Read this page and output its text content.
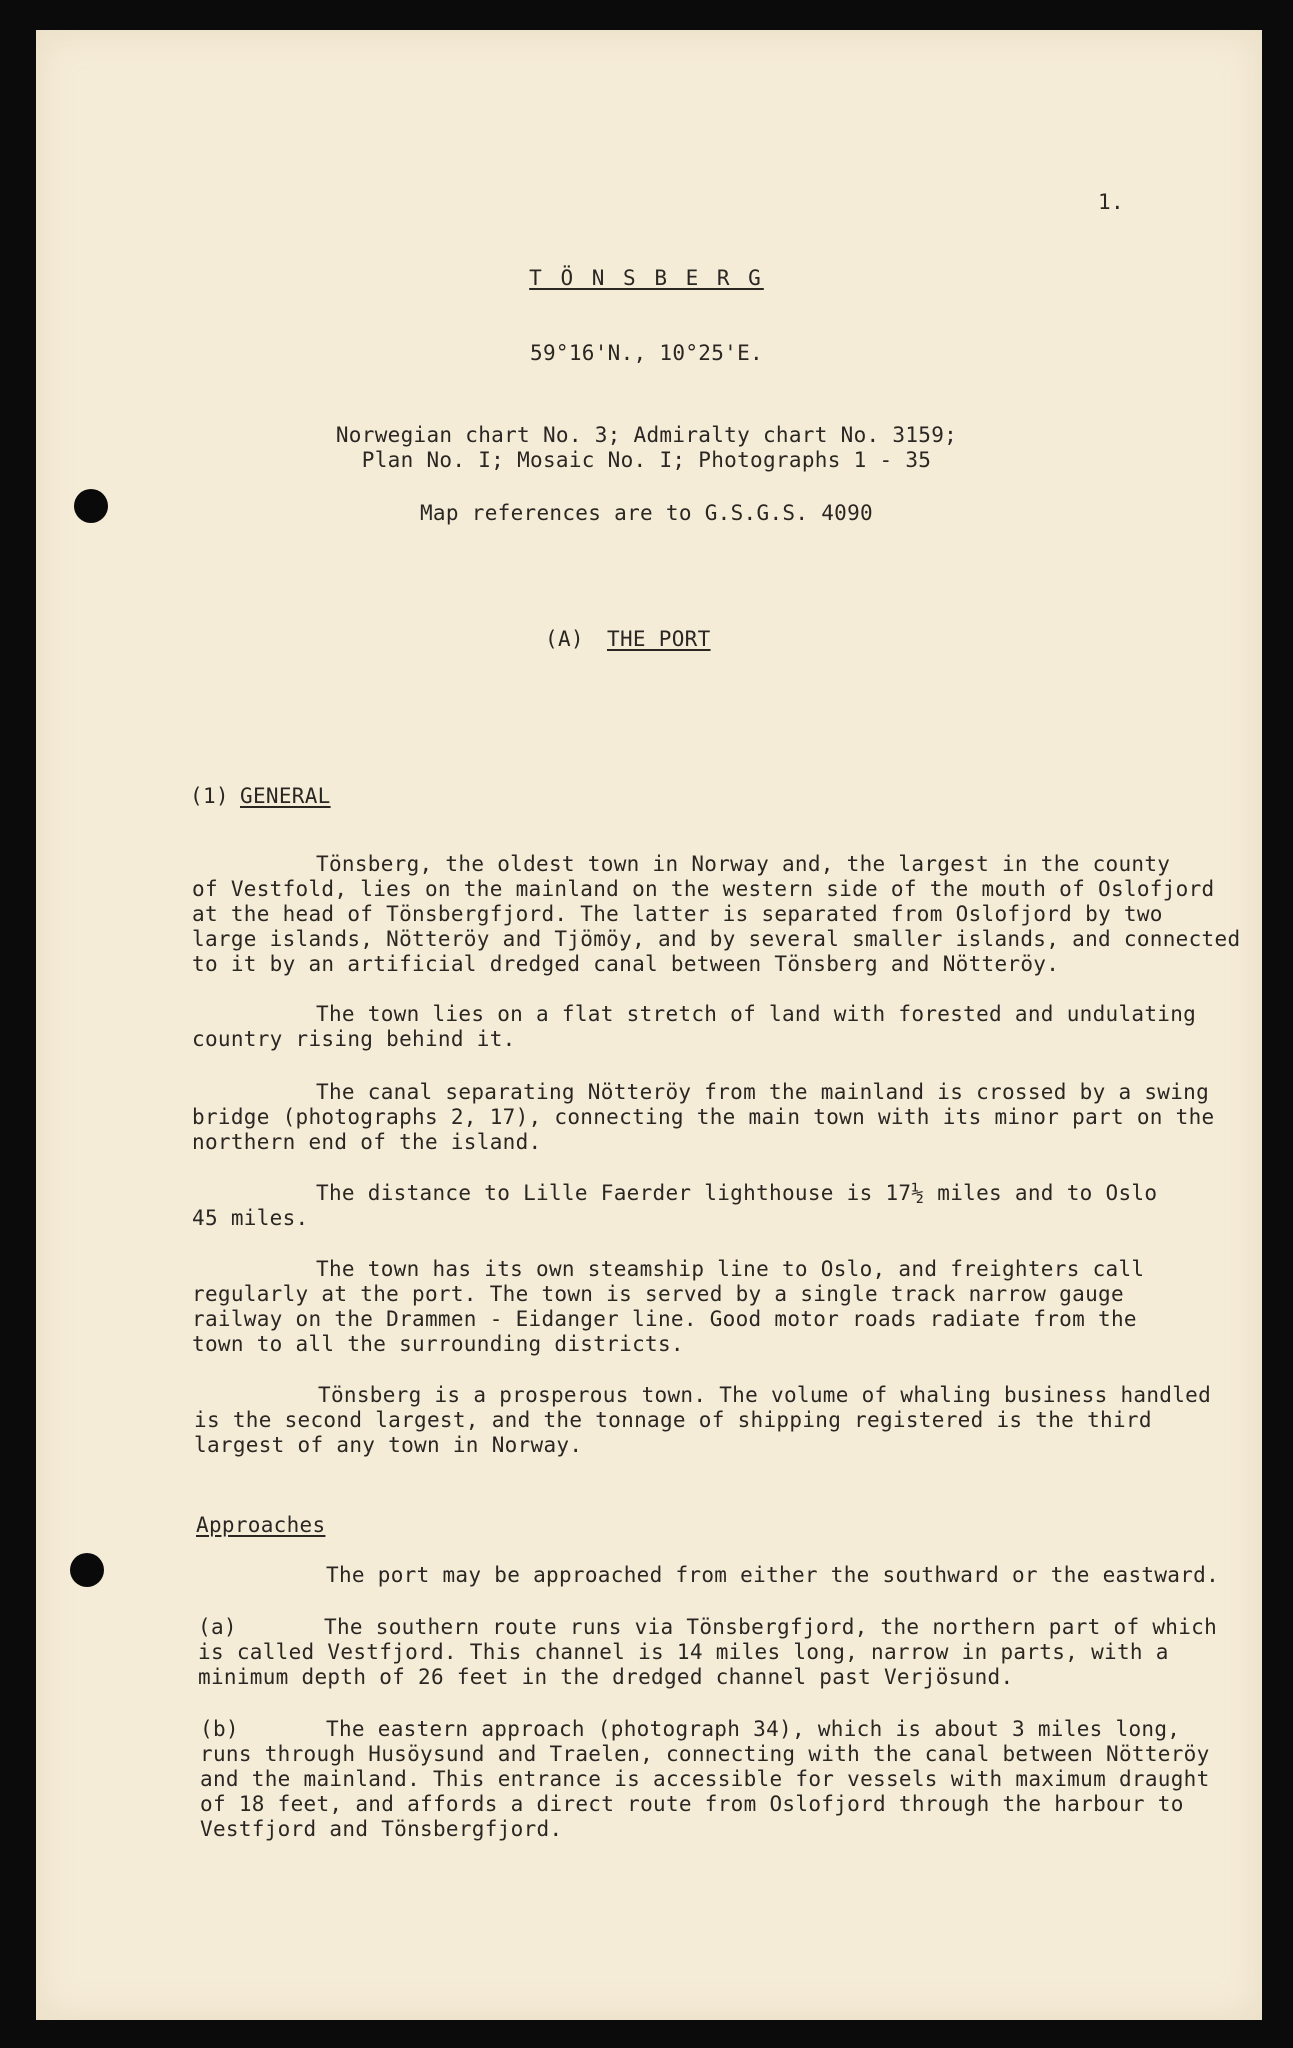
1.
T Ö N S B E R G
59°16'N., 10°25'E.
Norwegian chart No. 3; Admiralty chart No. 3159;
Plan No. I; Mosaic No. I; Photographs 1 - 35
Map references are to G.S.G.S. 4090
(A) THE PORT
(1) GENERAL
Tönsberg, the oldest town in Norway and, the largest in the county
of Vestfold, lies on the mainland on the western side of the mouth of Oslofjord
at the head of Tönsbergfjord. The latter is separated from Oslofjord by two
large islands, Nötteröy and Tjömöy, and by several smaller islands, and connected
to it by an artificial dredged canal between Tönsberg and Nötteröy.
The town lies on a flat stretch of land with forested and undulating
country rising behind it.
The canal separating Nötteröy from the mainland is crossed by a swing
bridge (photographs 2, 17), connecting the main town with its minor part on the
northern end of the island.
The distance to Lille Faerder lighthouse is 17½ miles and to Oslo
45 miles.
The town has its own steamship line to Oslo, and freighters call
regularly at the port. The town is served by a single track narrow gauge
railway on the Drammen - Eidanger line. Good motor roads radiate from the
town to all the surrounding districts.
Tönsberg is a prosperous town. The volume of whaling business handled
is the second largest, and the tonnage of shipping registered is the third
largest of any town in Norway.
Approaches
The port may be approached from either the southward or the eastward.
(a)	The southern route runs via Tönsbergfjord, the northern part of which
is called Vestfjord. This channel is 14 miles long, narrow in parts, with a
minimum depth of 26 feet in the dredged channel past Verjösund.
(b)	The eastern approach (photograph 34), which is about 3 miles long,
runs through Husöysund and Traelen, connecting with the canal between Nötteröy
and the mainland. This entrance is accessible for vessels with maximum draught
of 18 feet, and affords a direct route from Oslofjord through the harbour to
Vestfjord and Tönsbergfjord.
